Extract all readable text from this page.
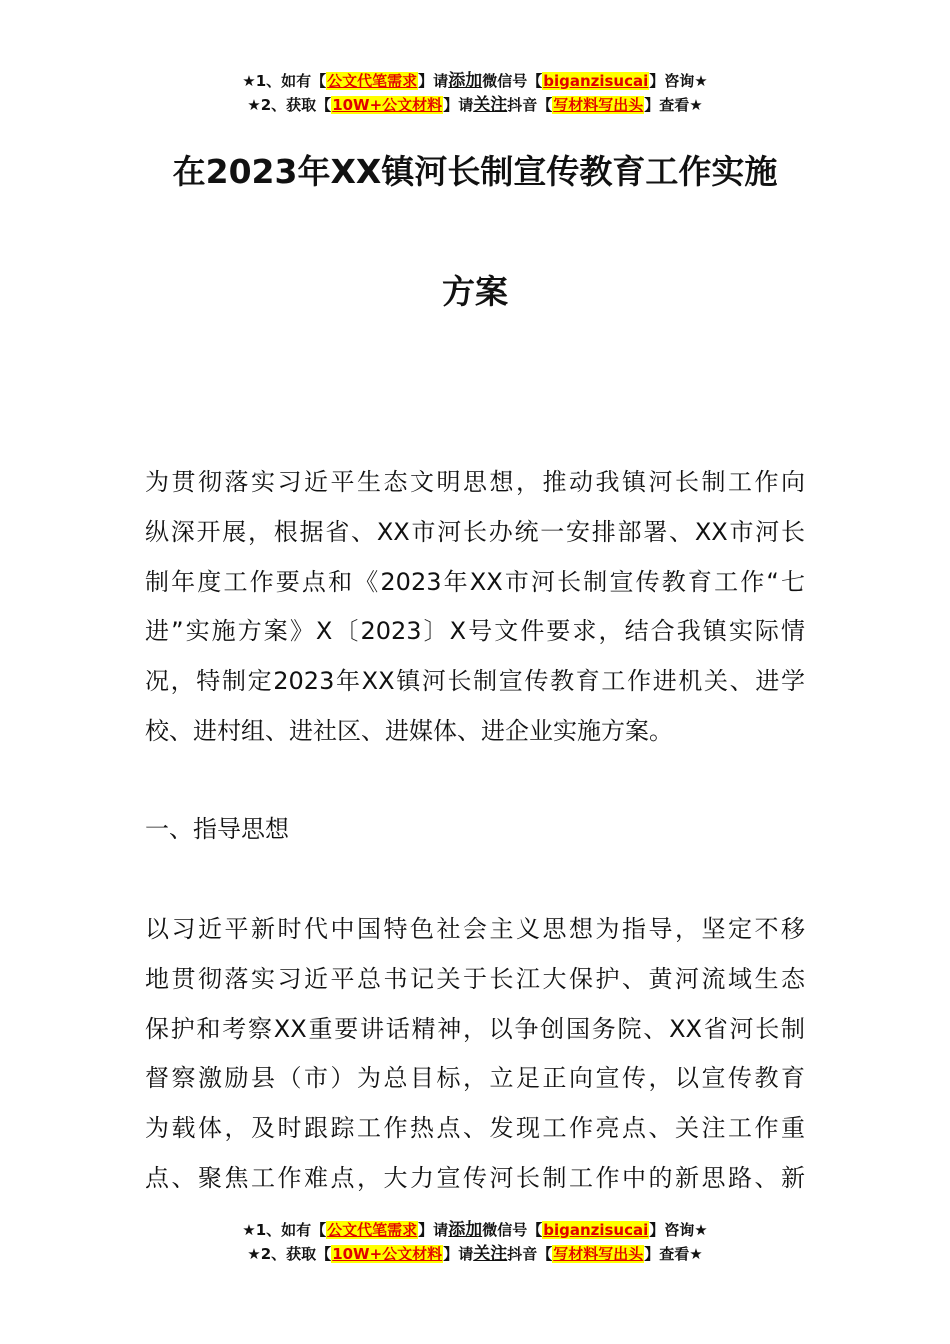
★1、如有【公文代笔需求】请添加微信号【biganzisucai】咨询★
★2、获取【10W+公文材料】请关注抖音【写材料写出头】查看★
在2023年XX镇河长制宣传教育工作实施
方案
为贯彻落实习近平生态文明思想，推动我镇河长制工作向
纵深开展，根据省、XX市河长办统一安排部署、XX市河长
制年度工作要点和《2023年XX市河长制宣传教育工作“七
进”实施方案》X〔2023〕X号文件要求，结合我镇实际情
况，特制定2023年XX镇河长制宣传教育工作进机关、进学
校、进村组、进社区、进媒体、进企业实施方案。
一、指导思想
以习近平新时代中国特色社会主义思想为指导，坚定不移
地贯彻落实习近平总书记关于长江大保护、黄河流域生态
保护和考察XX重要讲话精神，以争创国务院、XX省河长制
督察激励县（市）为总目标，立足正向宣传，以宣传教育
为载体，及时跟踪工作热点、发现工作亮点、关注工作重
点、聚焦工作难点，大力宣传河长制工作中的新思路、新
★1、如有【公文代笔需求】请添加微信号【biganzisucai】咨询★
★2、获取【10W+公文材料】请关注抖音【写材料写出头】查看★
